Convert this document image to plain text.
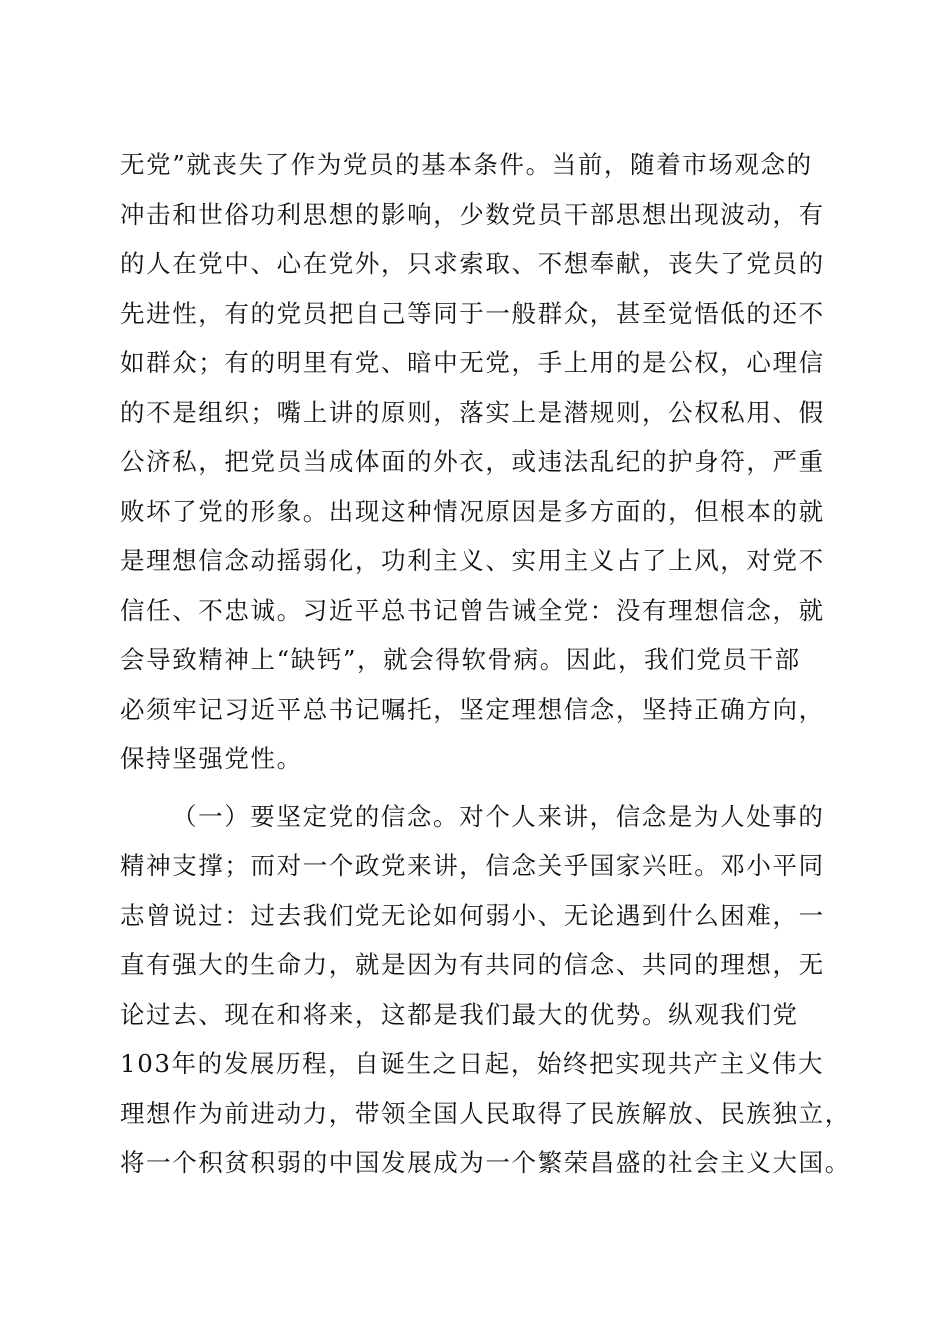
无党”就丧失了作为党员的基本条件。当前，随着市场观念的
冲击和世俗功利思想的影响，少数党员干部思想出现波动，有
的人在党中、心在党外，只求索取、不想奉献，丧失了党员的
先进性，有的党员把自己等同于一般群众，甚至觉悟低的还不
如群众；有的明里有党、暗中无党，手上用的是公权，心理信
的不是组织；嘴上讲的原则，落实上是潜规则，公权私用、假
公济私，把党员当成体面的外衣，或违法乱纪的护身符，严重
败坏了党的形象。出现这种情况原因是多方面的，但根本的就
是理想信念动摇弱化，功利主义、实用主义占了上风，对党不
信任、不忠诚。习近平总书记曾告诫全党：没有理想信念，就
会导致精神上“缺钙”，就会得软骨病。因此，我们党员干部
必须牢记习近平总书记嘱托，坚定理想信念，坚持正确方向，
保持坚强党性。
（一）要坚定党的信念。对个人来讲，信念是为人处事的
精神支撑；而对一个政党来讲，信念关乎国家兴旺。邓小平同
志曾说过：过去我们党无论如何弱小、无论遇到什么困难，一
直有强大的生命力，就是因为有共同的信念、共同的理想，无
论过去、现在和将来，这都是我们最大的优势。纵观我们党
103年的发展历程，自诞生之日起，始终把实现共产主义伟大
理想作为前进动力，带领全国人民取得了民族解放、民族独立，
将一个积贫积弱的中国发展成为一个繁荣昌盛的社会主义大国。
